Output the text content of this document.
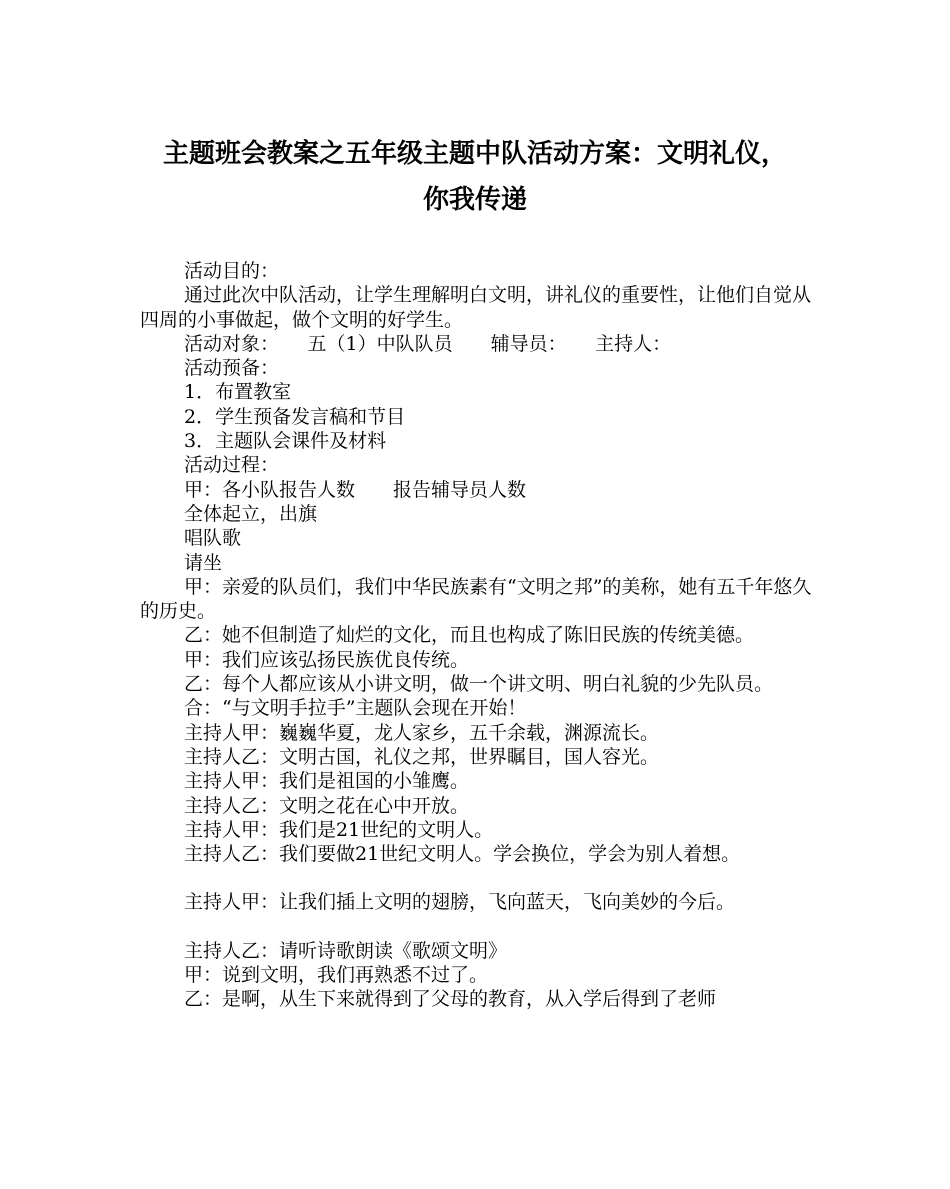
主题班会教案之五年级主题中队活动方案：文明礼仪，
你我传递

活动目的：

通过此次中队活动，让学生理解明白文明，讲礼仪的重要性，让他们自觉从四周的小事做起，做个文明的好学生。

活动对象：　　五（1）中队队员　　辅导员：　　主持人：

活动预备：

1．布置教室

2．学生预备发言稿和节目

3．主题队会课件及材料

活动过程：

甲：各小队报告人数　　报告辅导员人数

全体起立，出旗

唱队歌

请坐

甲：亲爱的队员们，我们中华民族素有“文明之邦”的美称，她有五千年悠久的历史。

乙：她不但制造了灿烂的文化，而且也构成了陈旧民族的传统美德。

甲：我们应该弘扬民族优良传统。

乙：每个人都应该从小讲文明，做一个讲文明、明白礼貌的少先队员。

合：“与文明手拉手”主题队会现在开始！

主持人甲：巍巍华夏，龙人家乡，五千余载，渊源流长。

主持人乙：文明古国，礼仪之邦，世界瞩目，国人容光。

主持人甲：我们是祖国的小雏鹰。

主持人乙：文明之花在心中开放。

主持人甲：我们是21世纪的文明人。

主持人乙：我们要做21世纪文明人。学会换位，学会为别人着想。

主持人甲：让我们插上文明的翅膀，飞向蓝天，飞向美妙的今后。

主持人乙：请听诗歌朗读《歌颂文明》

甲：说到文明，我们再熟悉不过了。

乙：是啊，从生下来就得到了父母的教育，从入学后得到了老师
